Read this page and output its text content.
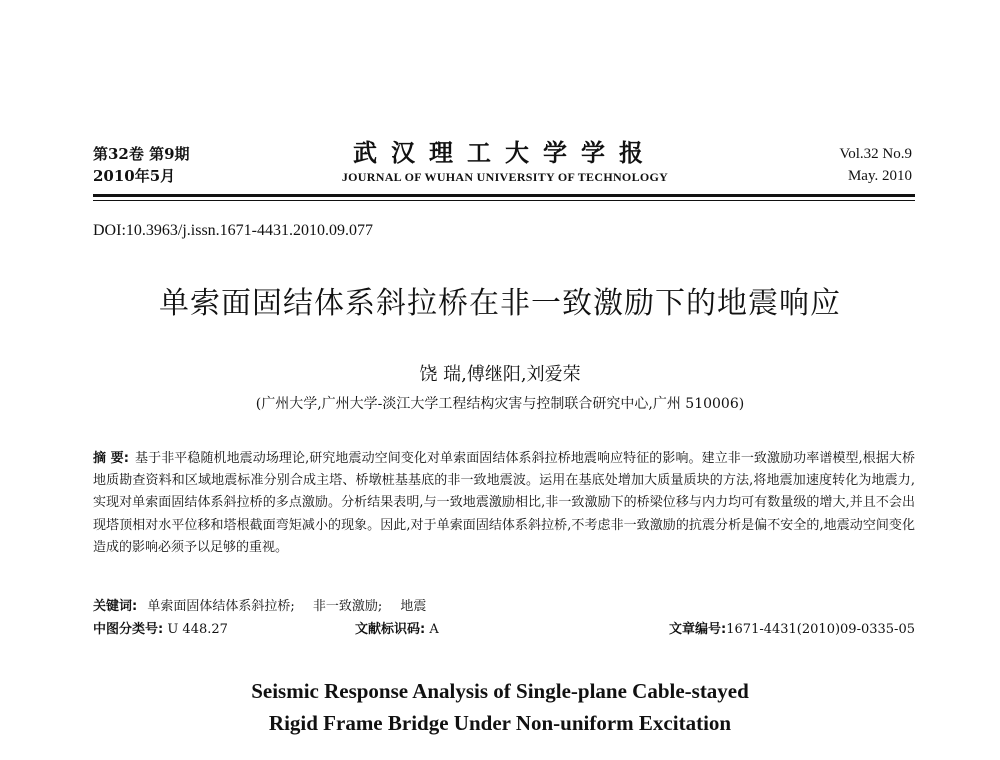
第32卷 第9期
2010年5月
武汉理工大学学报
JOURNAL OF WUHAN UNIVERSITY OF TECHNOLOGY
Vol.32 No.9
May. 2010
DOI:10.3963/j.issn.1671-4431.2010.09.077
单索面固结体系斜拉桥在非一致激励下的地震响应
饶 瑞,傅继阳,刘爱荣
(广州大学,广州大学-淡江大学工程结构灾害与控制联合研究中心,广州 510006)
摘 要: 基于非平稳随机地震动场理论,研究地震动空间变化对单索面固结体系斜拉桥地震响应特征的影响。建立非一致激励功率谱模型,根据大桥地质勘查资料和区域地震标准分别合成主塔、桥墩桩基基底的非一致地震波。运用在基底处增加大质量质块的方法,将地震加速度转化为地震力,实现对单索面固结体系斜拉桥的多点激励。分析结果表明,与一致地震激励相比,非一致激励下的桥梁位移与内力均可有数量级的增大,并且不会出现塔顶相对水平位移和塔根截面弯矩减小的现象。因此,对于单索面固结体系斜拉桥,不考虑非一致激励的抗震分析是偏不安全的,地震动空间变化造成的影响必须予以足够的重视。
关键词: 单索面固体结体系斜拉桥; 非一致激励; 地震
中图分类号: U 448.27	文献标识码: A	文章编号:1671-4431(2010)09-0335-05
Seismic Response Analysis of Single-plane Cable-stayed
Rigid Frame Bridge Under Non-uniform Excitation
